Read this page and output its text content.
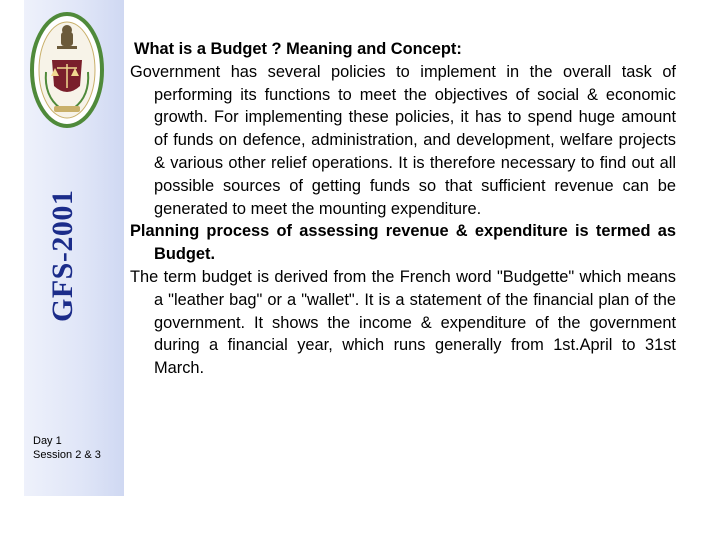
GFS-2001
Day 1
Session 2 & 3

What is a Budget ? Meaning and Concept:

Government has several policies to implement in the overall task of performing its functions to meet the objectives of social & economic growth. For implementing these policies, it has to spend huge amount of funds on defence, administration, and development, welfare projects & various other relief operations. It is therefore necessary to find out all possible sources of getting funds so that sufficient revenue can be generated to meet the mounting expenditure.

Planning process of assessing revenue & expenditure is termed as Budget.

The term budget is derived from the French word "Budgette" which means a "leather bag" or a "wallet". It is a statement of the financial plan of the government. It shows the income & expenditure of the government during a financial year, which runs generally from 1st.April to 31st March.
